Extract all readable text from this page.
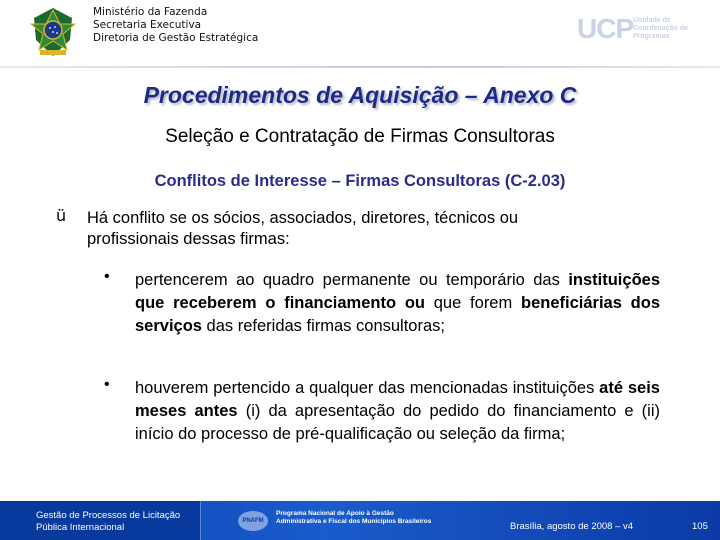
Ministério da Fazenda
Secretaria Executiva
Diretoria de Gestão Estratégica	UCP Unidade de
Coordenação de
Programas
Procedimentos de Aquisição – Anexo C
Seleção e Contratação de Firmas Consultoras
Conflitos de Interesse – Firmas Consultoras (C-2.03)
ü Há conflito se os sócios, associados, diretores, técnicos ou
profissionais dessas firmas:
• pertencerem ao quadro permanente ou temporário das instituições que receberem o financiamento ou que forem beneficiárias dos serviços das referidas firmas consultoras;
• houverem pertencido a qualquer das mencionadas instituições até seis meses antes (i) da apresentação do pedido do financiamento e (ii) início do processo de pré-qualificação ou seleção da firma;
Gestão de Processos de Licitação
Pública Internacional
PNAFM
Programa Nacional de Apoio à Gestão
Administrativa e Fiscal dos Municípios Brasileiros	Brasília, agosto de 2008 – v4	105
